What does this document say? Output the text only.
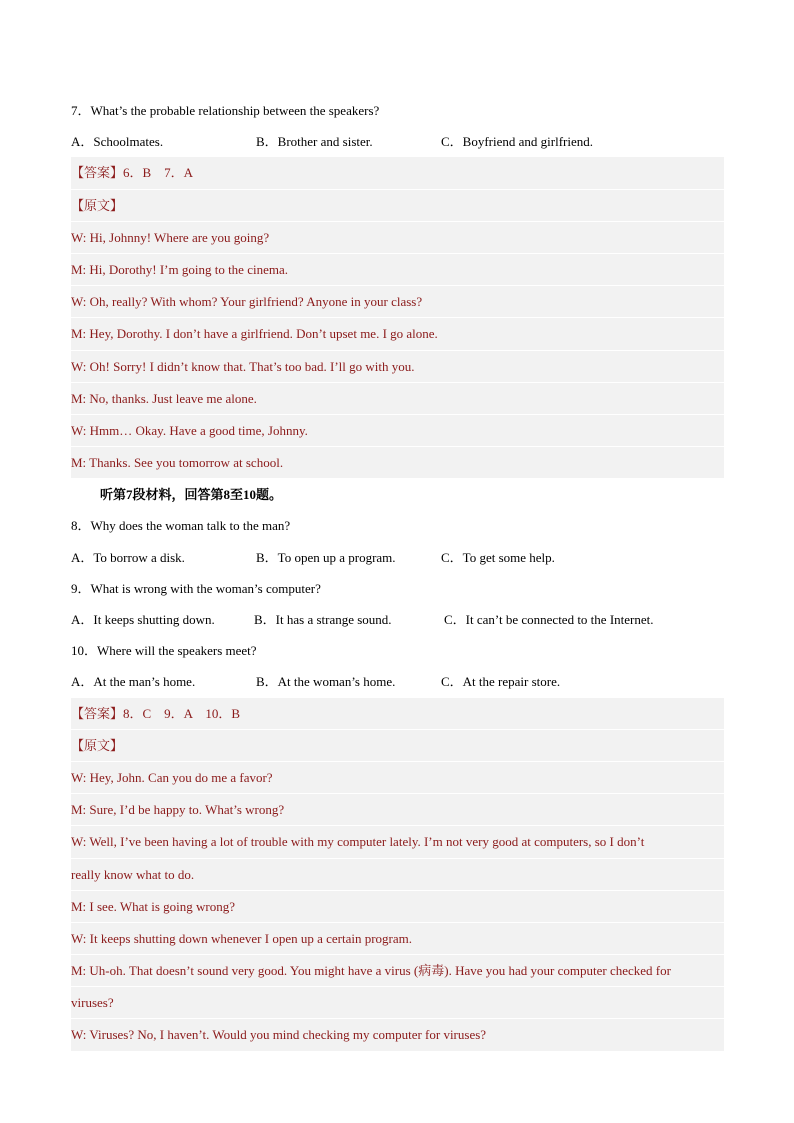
7．What’s the probable relationship between the speakers?
A．Schoolmates.	B．Brother and sister.	C．Boyfriend and girlfriend.
【答案】6．B　7．A
【原文】
W: Hi, Johnny! Where are you going?
M: Hi, Dorothy! I’m going to the cinema.
W: Oh, really? With whom? Your girlfriend? Anyone in your class?
M: Hey, Dorothy. I don’t have a girlfriend. Don’t upset me. I go alone.
W: Oh! Sorry! I didn’t know that. That’s too bad. I’ll go with you.
M: No, thanks. Just leave me alone.
W: Hmm… Okay. Have a good time, Johnny.
M: Thanks. See you tomorrow at school.
听第7段材料，回答第8至10题。
8．Why does the woman talk to the man?
A．To borrow a disk.	B．To open up a program.	C．To get some help.
9．What is wrong with the woman’s computer?
A．It keeps shutting down.	B．It has a strange sound.	C．It can’t be connected to the Internet.
10．Where will the speakers meet?
A．At the man’s home.	B．At the woman’s home.	C．At the repair store.
【答案】8．C　9．A　10．B
【原文】
W: Hey, John. Can you do me a favor?
M: Sure, I’d be happy to. What’s wrong?
W: Well, I’ve been having a lot of trouble with my computer lately. I’m not very good at computers, so I don’t
really know what to do.
M: I see. What is going wrong?
W: It keeps shutting down whenever I open up a certain program.
M: Uh-oh. That doesn’t sound very good. You might have a virus (病毒). Have you had your computer checked for
viruses?
W: Viruses? No, I haven’t. Would you mind checking my computer for viruses?
